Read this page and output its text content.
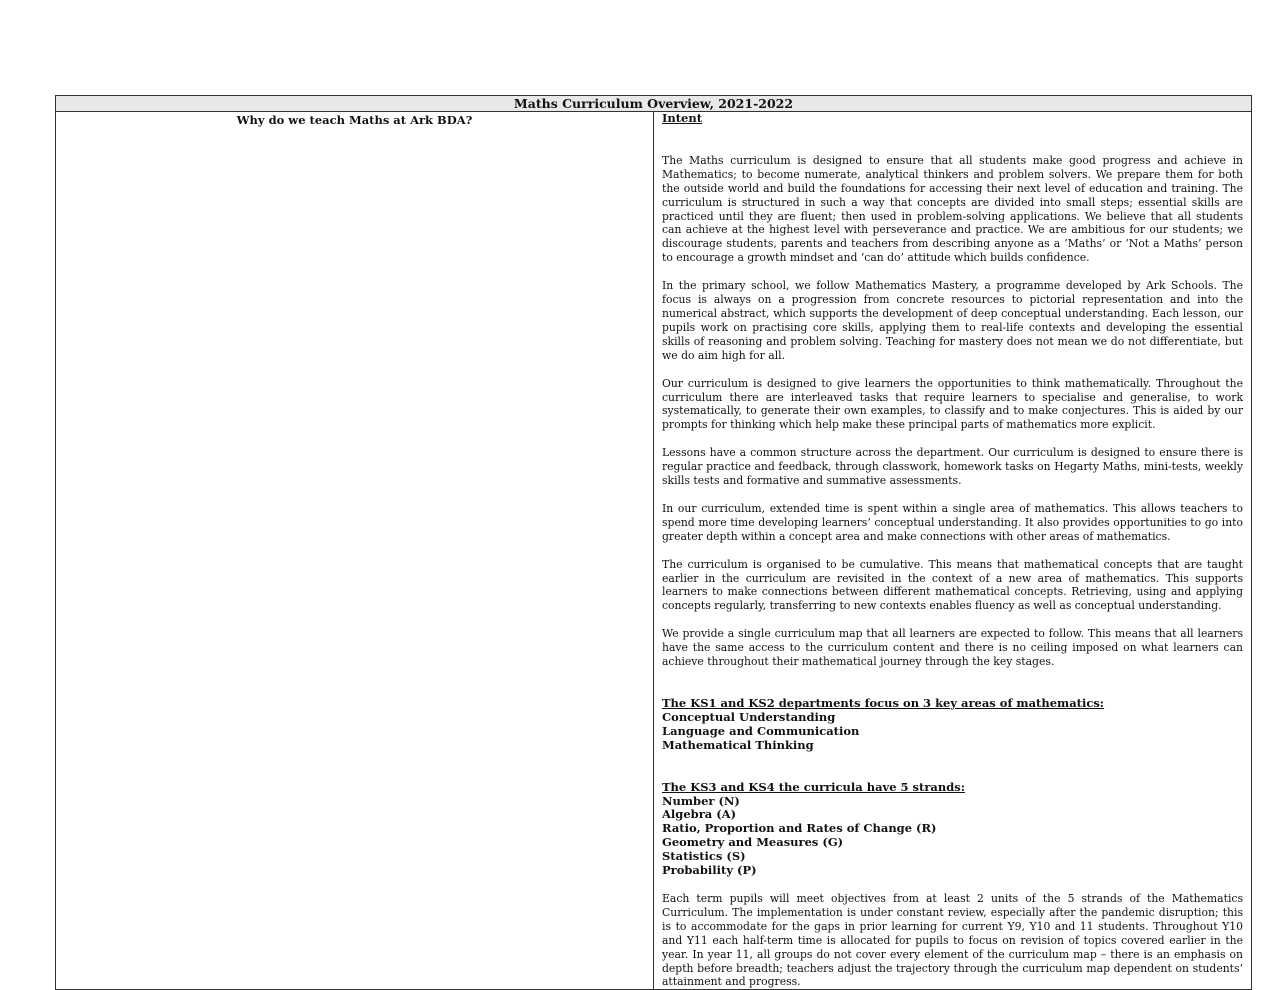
Maths Curriculum Overview, 2021-2022
Why do we teach Maths at Ark BDA?	Intent

The Maths curriculum is designed to ensure that all students make good progress and achieve in Mathematics; to become numerate, analytical thinkers and problem solvers. We prepare them for both the outside world and build the foundations for accessing their next level of education and training. The curriculum is structured in such a way that concepts are divided into small steps; essential skills are practiced until they are fluent; then used in problem-solving applications. We believe that all students can achieve at the highest level with perseverance and practice. We are ambitious for our students; we discourage students, parents and teachers from describing anyone as a ‘Maths’ or ‘Not a Maths’ person to encourage a growth mindset and ‘can do’ attitude which builds confidence.

In the primary school, we follow Mathematics Mastery, a programme developed by Ark Schools. The focus is always on a progression from concrete resources to pictorial representation and into the numerical abstract, which supports the development of deep conceptual understanding. Each lesson, our pupils work on practising core skills, applying them to real-life contexts and developing the essential skills of reasoning and problem solving. Teaching for mastery does not mean we do not differentiate, but we do aim high for all.

Our curriculum is designed to give learners the opportunities to think mathematically. Throughout the curriculum there are interleaved tasks that require learners to specialise and generalise, to work systematically, to generate their own examples, to classify and to make conjectures. This is aided by our prompts for thinking which help make these principal parts of mathematics more explicit.

Lessons have a common structure across the department. Our curriculum is designed to ensure there is regular practice and feedback, through classwork, homework tasks on Hegarty Maths, mini-tests, weekly skills tests and formative and summative assessments.

In our curriculum, extended time is spent within a single area of mathematics. This allows teachers to spend more time developing learners’ conceptual understanding. It also provides opportunities to go into greater depth within a concept area and make connections with other areas of mathematics.

The curriculum is organised to be cumulative. This means that mathematical concepts that are taught earlier in the curriculum are revisited in the context of a new area of mathematics. This supports learners to make connections between different mathematical concepts. Retrieving, using and applying concepts regularly, transferring to new contexts enables fluency as well as conceptual understanding.

We provide a single curriculum map that all learners are expected to follow. This means that all learners have the same access to the curriculum content and there is no ceiling imposed on what learners can achieve throughout their mathematical journey through the key stages.

The KS1 and KS2 departments focus on 3 key areas of mathematics:
Conceptual Understanding
Language and Communication
Mathematical Thinking
The KS3 and KS4 the curricula have 5 strands:
Number (N)
Algebra (A)
Ratio, Proportion and Rates of Change (R)
Geometry and Measures (G)
Statistics (S)
Probability (P)

Each term pupils will meet objectives from at least 2 units of the 5 strands of the Mathematics Curriculum. The implementation is under constant review, especially after the pandemic disruption; this is to accommodate for the gaps in prior learning for current Y9, Y10 and 11 students. Throughout Y10 and Y11 each half-term time is allocated for pupils to focus on revision of topics covered earlier in the year. In year 11, all groups do not cover every element of the curriculum map – there is an emphasis on depth before breadth; teachers adjust the trajectory through the curriculum map dependent on students’ attainment and progress.
